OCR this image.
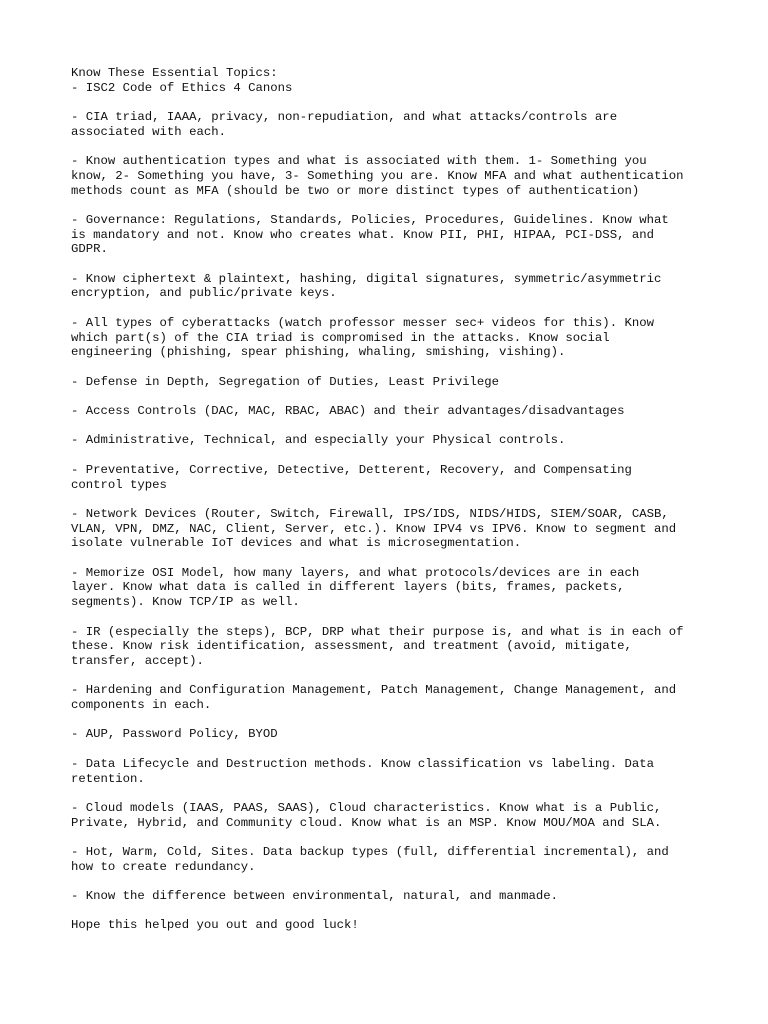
Know These Essential Topics:
- ISC2 Code of Ethics 4 Canons
- CIA triad, IAAA, privacy, non-repudiation, and what attacks/controls are
associated with each.
- Know authentication types and what is associated with them. 1- Something you
know, 2- Something you have, 3- Something you are. Know MFA and what authentication
methods count as MFA (should be two or more distinct types of authentication)
- Governance: Regulations, Standards, Policies, Procedures, Guidelines. Know what
is mandatory and not. Know who creates what. Know PII, PHI, HIPAA, PCI-DSS, and
GDPR.
- Know ciphertext & plaintext, hashing, digital signatures, symmetric/asymmetric
encryption, and public/private keys.
- All types of cyberattacks (watch professor messer sec+ videos for this). Know
which part(s) of the CIA triad is compromised in the attacks. Know social
engineering (phishing, spear phishing, whaling, smishing, vishing).
- Defense in Depth, Segregation of Duties, Least Privilege
- Access Controls (DAC, MAC, RBAC, ABAC) and their advantages/disadvantages
- Administrative, Technical, and especially your Physical controls.
- Preventative, Corrective, Detective, Detterent, Recovery, and Compensating
control types
- Network Devices (Router, Switch, Firewall, IPS/IDS, NIDS/HIDS, SIEM/SOAR, CASB,
VLAN, VPN, DMZ, NAC, Client, Server, etc.). Know IPV4 vs IPV6. Know to segment and
isolate vulnerable IoT devices and what is microsegmentation.
- Memorize OSI Model, how many layers, and what protocols/devices are in each
layer. Know what data is called in different layers (bits, frames, packets,
segments). Know TCP/IP as well.
- IR (especially the steps), BCP, DRP what their purpose is, and what is in each of
these. Know risk identification, assessment, and treatment (avoid, mitigate,
transfer, accept).
- Hardening and Configuration Management, Patch Management, Change Management, and
components in each.
- AUP, Password Policy, BYOD
- Data Lifecycle and Destruction methods. Know classification vs labeling. Data
retention.
- Cloud models (IAAS, PAAS, SAAS), Cloud characteristics. Know what is a Public,
Private, Hybrid, and Community cloud. Know what is an MSP. Know MOU/MOA and SLA.
- Hot, Warm, Cold, Sites. Data backup types (full, differential incremental), and
how to create redundancy.
- Know the difference between environmental, natural, and manmade.
Hope this helped you out and good luck!
